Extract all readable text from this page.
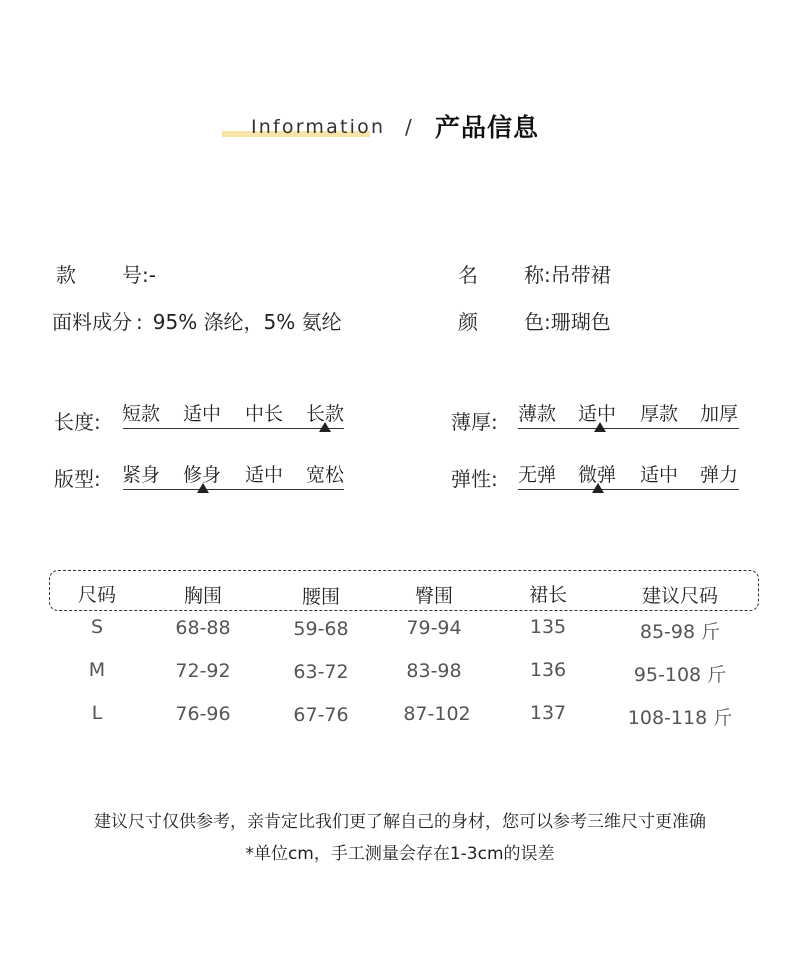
Information / 产品信息
款 号:-
面料成分 : 95% 涤纶，5% 氨纶
名 称:吊带裙
颜 色:珊瑚色
长度: 短款 适中 中长 长款	薄厚: 薄款 适中 厚款 加厚
版型: 紧身 修身 适中 宽松	弹性: 无弹 微弹 适中 弹力
尺码	胸围	腰围	臀围	裙长	建议尺码
S	68-88	59-68	79-94	135	85-98 斤
M	72-92	63-72	83-98	136	95-108 斤
L	76-96	67-76	87-102	137	108-118 斤
建议尺寸仅供参考，亲肯定比我们更了解自己的身材，您可以参考三维尺寸更准确
*单位cm，手工测量会存在1-3cm的误差
